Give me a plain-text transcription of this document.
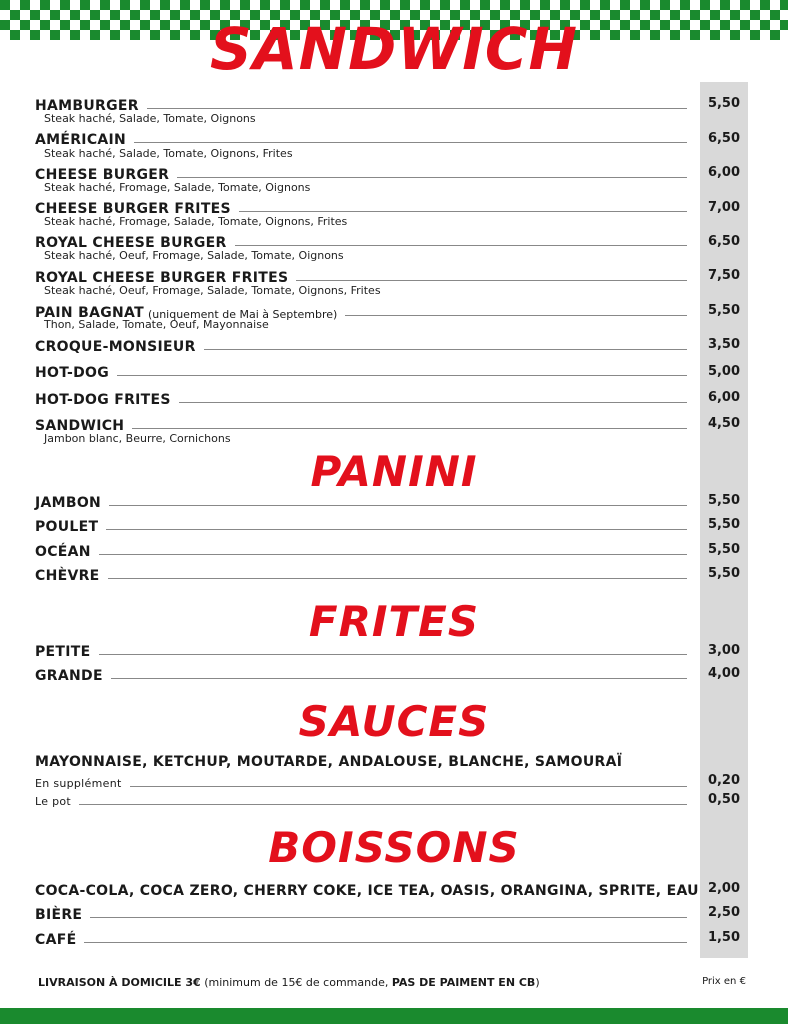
SANDWICH
HAMBURGER
Steak haché, Salade, Tomate, Oignons
5,50
AMÉRICAIN
Steak haché, Salade, Tomate, Oignons, Frites
6,50
CHEESE BURGER
Steak haché, Fromage, Salade, Tomate, Oignons
6,00
CHEESE BURGER FRITES
Steak haché, Fromage, Salade, Tomate, Oignons, Frites
7,00
ROYAL CHEESE BURGER
Steak haché, Oeuf, Fromage, Salade, Tomate, Oignons
6,50
ROYAL CHEESE BURGER FRITES
Steak haché, Oeuf, Fromage, Salade, Tomate, Oignons, Frites
7,50
PAIN BAGNAT (uniquement de Mai à Septembre)
Thon, Salade, Tomate, Oeuf, Mayonnaise
5,50
CROQUE-MONSIEUR	3,50
HOT-DOG	5,00
HOT-DOG FRITES	6,00
SANDWICH
Jambon blanc, Beurre, Cornichons
4,50
PANINI
JAMBON	5,50
POULET	5,50
OCÉAN	5,50
CHÈVRE	5,50
FRITES
PETITE	3,00
GRANDE	4,00
SAUCES
MAYONNAISE, KETCHUP, MOUTARDE, ANDALOUSE, BLANCHE, SAMOURAÏ
En supplément	0,20
Le pot	0,50
BOISSONS
COCA-COLA, COCA ZERO, CHERRY COKE, ICE TEA, OASIS, ORANGINA, SPRITE, EAU 2,00
BIÈRE	2,50
CAFÉ	1,50
LIVRAISON À DOMICILE 3€ (minimum de 15€ de commande, PAS DE PAIMENT EN CB)	Prix en €
